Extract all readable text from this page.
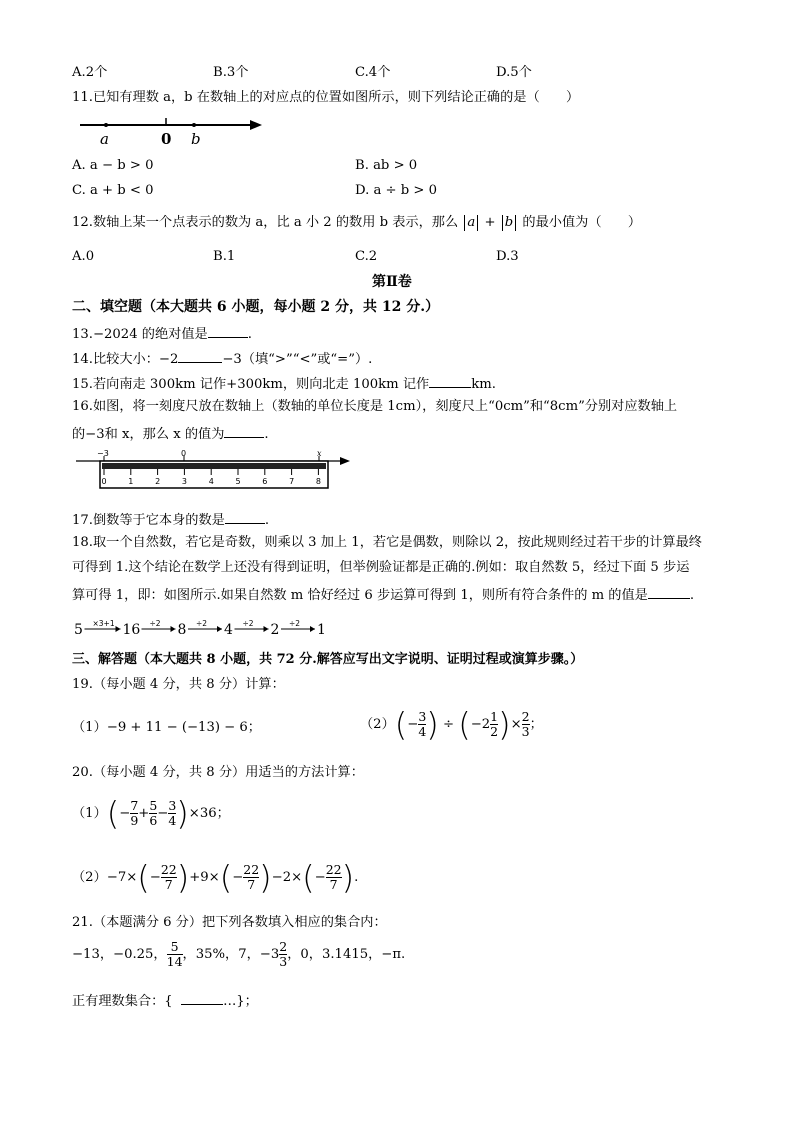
A.2个	B.3个	C.4个	D.5个
11.已知有理数 a，b 在数轴上的对应点的位置如图所示，则下列结论正确的是（　　）
a	0 b
A. a − b > 0	B. ab > 0
C. a + b < 0	D. a ÷ b > 0
12.数轴上某一个点表示的数为 a，比 a 小 2 的数用 b 表示，那么 a + b 的最小值为（　　）
A.0	B.1	C.2	D.3
第Ⅱ卷
二、填空题（本大题共 6 小题，每小题 2 分，共 12 分.）
13.−2024 的绝对值是	.
14.比较大小：−2	−3（填“>”“<”或“=”）.
15.若向南走 300km 记作+300km，则向北走 100km 记作	km.
16.如图，将一刻度尺放在数轴上（数轴的单位长度是 1cm），刻度尺上“0cm”和“8cm”分别对应数轴上
的−3和 x，那么 x 的值为	.
−3	0	x
0	1	2	3	4	5	6	7	8
17.倒数等于它本身的数是	.
18.取一个自然数，若它是奇数，则乘以 3 加上 1，若它是偶数，则除以 2，按此规则经过若干步的计算最终
可得到 1.这个结论在数学上还没有得到证明，但举例验证都是正确的.例如：取自然数 5，经过下面 5 步运
算可得 1，即：如图所示.如果自然数 m 恰好经过 6 步运算可得到 1，则所有符合条件的 m 的值是	.
5 ×3+1 16 ÷2 8 ÷2 4 ÷2 2 ÷2 1
三、解答题（本大题共 8 小题，共 72 分.解答应写出文字说明、证明过程或演算步骤。）
19.（每小题 4 分，共 8 分）计算：
（1）−9 + 11 − (−13) − 6；	$(2)(- \frac{3}{4}$ ) ÷ ($-2 \frac{1}{2}$ )× $\frac{2}{3}$ ；
20.（每小题 4 分，共 8 分）用适当的方法计算：
$(1)(- \frac{7}{9} + \frac{5}{6} - \frac{3}{4} )\times 36$；
$(2)-7\times(- \frac{22}{7} )+9\times(- \frac{22}{7} )-2\times(- \frac{22}{7}$ ).
21.（本题满分 6 分）把下列各数填入相应的集合内：
−13，−0.25， $\frac{5}{14}$ ，35%，7，$-3 \frac{2}{3}$ ，0，3.1415，−π.
正有理数集合：{	…}；
